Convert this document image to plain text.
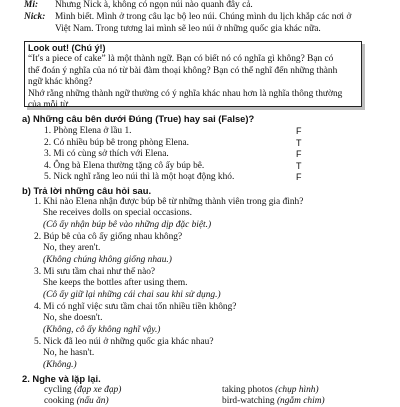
Mi:	Nhưng Nick à, không có ngọn núi nào quanh đây cả.
Nick:	Mình biết. Mình ở trong câu lạc bộ leo núi. Chúng mình du lịch khắp các nơi ở
Việt Nam. Trong tương lai mình sẽ leo núi ở những quốc gia khác nữa.
Look out! (Chú ý!)
“It's a piece of cake” là một thành ngữ. Bạn có biết nó có nghĩa gì không? Bạn có
thể đoán ý nghĩa của nó từ bài đàm thoại không? Bạn có thể nghĩ đến những thành
ngữ khác không?
Nhớ rằng những thành ngữ thường có ý nghĩa khác nhau hơn là nghĩa thông thường
của mỗi từ.
a) Những câu bên dưới Đúng (True) hay sai (False)?
1. Phòng Elena ở lầu 1.	F
2. Có nhiều búp bê trong phòng Elena.	T
3. Mi có cùng sở thích với Elena.	F
4. Ông bà Elena thường tặng cô ấy búp bê.	T
5. Nick nghĩ rằng leo núi thì là một hoạt động khó.	F
b) Trả lời những câu hỏi sau.
1. Khi nào Elena nhận được búp bê từ những thành viên trong gia đình?
She receives dolls on special occasions.
(Cô ấy nhận búp bê vào những dịp đặc biệt.)
2. Búp bê của cô ấy giống nhau không?
No, they aren't.
(Không chúng không giống nhau.)
3. Mi sưu tầm chai như thế nào?
She keeps the bottles after using them.
(Cô ấy giữ lại những cái chai sau khi sử dụng.)
4. Mi có nghĩ việc sưu tầm chai tốn nhiều tiền không?
No, she doesn't.
(Không, cô ấy không nghĩ vậy.)
5. Nick đã leo núi ở những quốc gia khác nhau?
No, he hasn't.
(Không.)
2. Nghe và lặp lại.
cycling (đạp xe đạp)	taking photos (chụp hình)
cooking (nấu ăn)	bird-watching (ngắm chim)
